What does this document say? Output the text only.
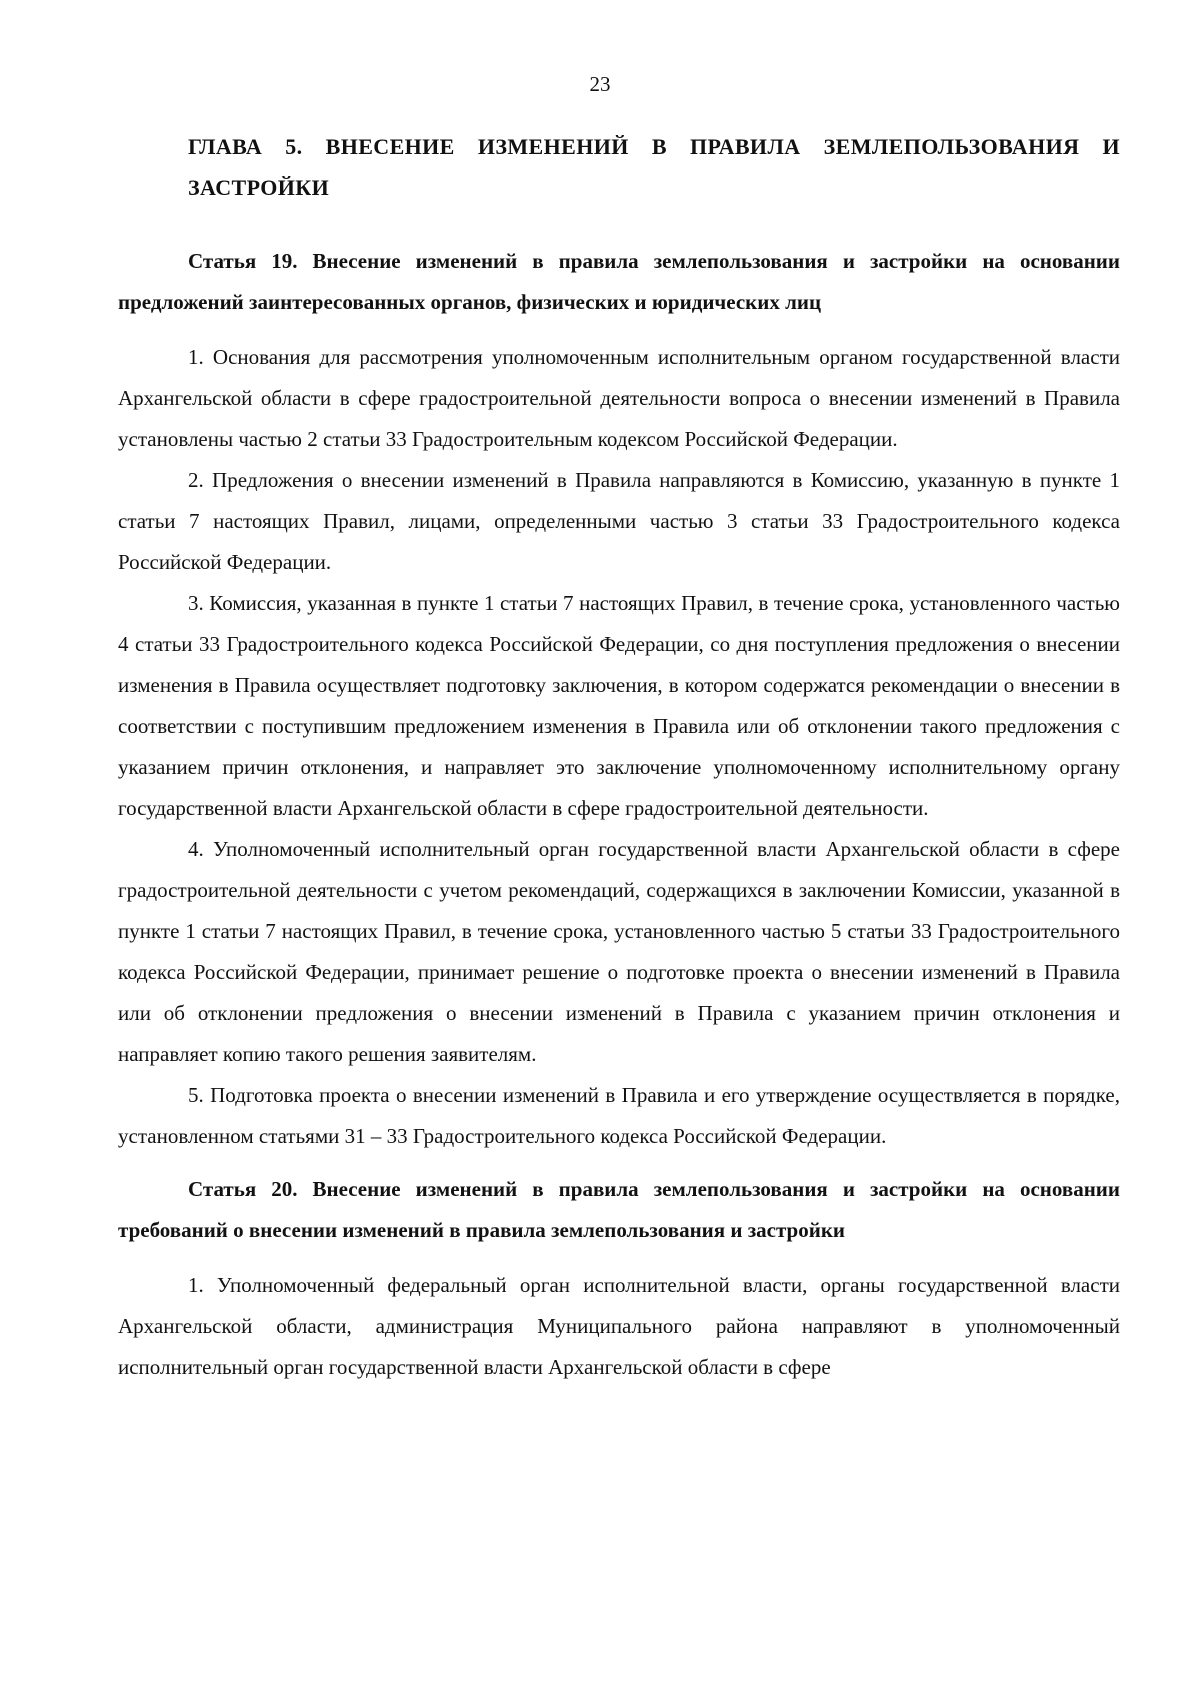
23
ГЛАВА 5. ВНЕСЕНИЕ ИЗМЕНЕНИЙ В ПРАВИЛА ЗЕМЛЕПОЛЬЗОВАНИЯ И ЗАСТРОЙКИ
Статья 19. Внесение изменений в правила землепользования и застройки на основании предложений заинтересованных органов, физических и юридических лиц

1. Основания для рассмотрения уполномоченным исполнительным органом государственной власти Архангельской области в сфере градостроительной деятельности вопроса о внесении изменений в Правила установлены частью 2 статьи 33 Градостроительным кодексом Российской Федерации.

2. Предложения о внесении изменений в Правила направляются в Комиссию, указанную в пункте 1 статьи 7 настоящих Правил, лицами, определенными частью 3 статьи 33 Градостроительного кодекса Российской Федерации.

3. Комиссия, указанная в пункте 1 статьи 7 настоящих Правил, в течение срока, установленного частью 4 статьи 33 Градостроительного кодекса Российской Федерации, со дня поступления предложения о внесении изменения в Правила осуществляет подготовку заключения, в котором содержатся рекомендации о внесении в соответствии с поступившим предложением изменения в Правила или об отклонении такого предложения с указанием причин отклонения, и направляет это заключение уполномоченному исполнительному органу государственной власти Архангельской области в сфере градостроительной деятельности.

4. Уполномоченный исполнительный орган государственной власти Архангельской области в сфере градостроительной деятельности с учетом рекомендаций, содержащихся в заключении Комиссии, указанной в пункте 1 статьи 7 настоящих Правил, в течение срока, установленного частью 5 статьи 33 Градостроительного кодекса Российской Федерации, принимает решение о подготовке проекта о внесении изменений в Правила или об отклонении предложения о внесении изменений в Правила с указанием причин отклонения и направляет копию такого решения заявителям.

5. Подготовка проекта о внесении изменений в Правила и его утверждение осуществляется в порядке, установленном статьями 31 – 33 Градостроительного кодекса Российской Федерации.

Статья 20. Внесение изменений в правила землепользования и застройки на основании требований о внесении изменений в правила землепользования и застройки

1. Уполномоченный федеральный орган исполнительной власти, органы государственной власти Архангельской области, администрация Муниципального района направляют в уполномоченный исполнительный орган государственной власти Архангельской области в сфере
